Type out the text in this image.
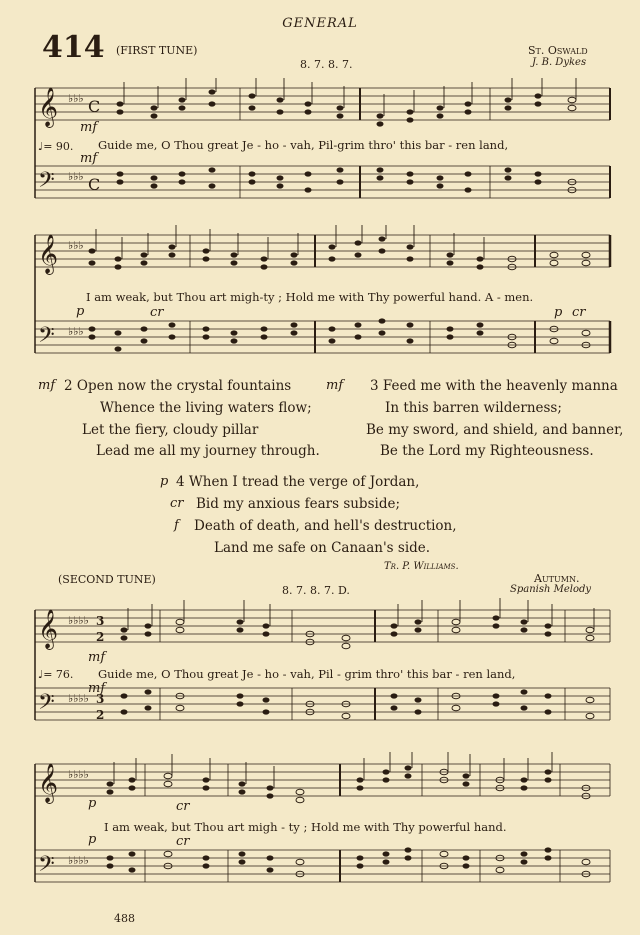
GENERAL
414 (FIRST TUNE)
8. 7. 8. 7.
St. Oswald
J. B. Dykes
𝄞
𝄢
♭♭♭
♭♭♭
C
C
mf
♩= 90. Guide me, O Thou great Je - ho - vah, Pil-grim thro' this bar - ren land,
mf
𝄞
𝄢
♭♭♭
♭♭♭
I am weak, but Thou art migh-ty ; Hold me with Thy powerful hand. A - men.
p	cr	p cr
mf 2 Open now the crystal fountains
Whence the living waters flow;
Let the fiery, cloudy pillar
Lead me all my journey through.
mf 3 Feed me with the heavenly manna
In this barren wilderness;
Be my sword, and shield, and banner,
Be the Lord my Righteousness.
p 4 When I tread the verge of Jordan,
cr Bid my anxious fears subside;
f Death of death, and hell's destruction,
Land me safe on Canaan's side.
Tr. P. Williams.
(SECOND TUNE)
8. 7. 8. 7. D.
Autumn.
Spanish Melody
𝄞
𝄢
♭♭♭♭
♭♭♭♭
3
2
3
2
mf
♩= 76. Guide me, O Thou great Je - ho - vah, Pil - grim thro' this bar - ren land,
mf
𝄞
𝄢
♭♭♭♭
♭♭♭♭
p	cr
I am weak, but Thou art migh - ty ; Hold me with Thy powerful hand.
p	cr
488
